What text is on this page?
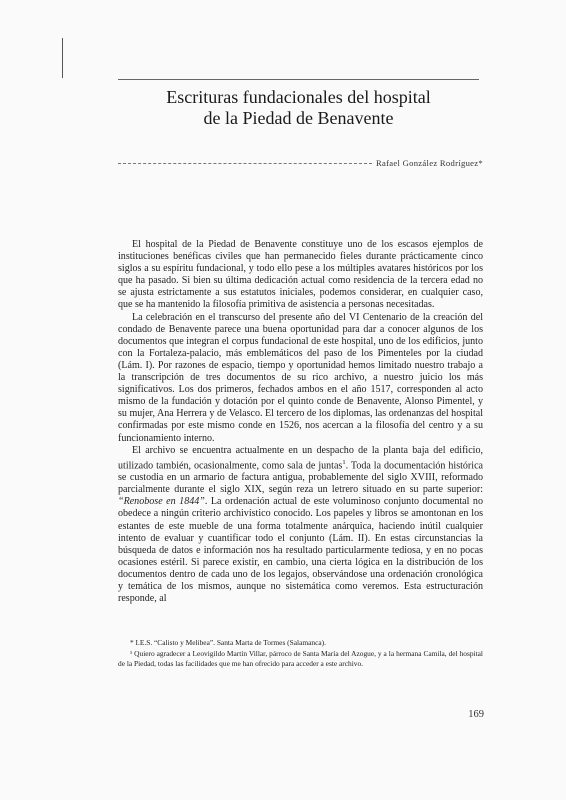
Escrituras fundacionales del hospital
de la Piedad de Benavente
Rafael González Rodríguez*

El hospital de la Piedad de Benavente constituye uno de los escasos ejemplos de instituciones benéficas civiles que han permanecido fieles durante prácticamente cinco siglos a su espíritu fundacional, y todo ello pese a los múltiples avatares históricos por los que ha pasado. Si bien su última dedicación actual como residencia de la tercera edad no se ajusta estrictamente a sus estatutos iniciales, podemos considerar, en cualquier caso, que se ha mantenido la filosofía primitiva de asistencia a personas necesitadas.

La celebración en el transcurso del presente año del VI Centenario de la creación del condado de Benavente parece una buena oportunidad para dar a conocer algunos de los documentos que integran el corpus fundacional de este hospital, uno de los edificios, junto con la Fortaleza-palacio, más emblemáticos del paso de los Pimenteles por la ciudad (Lám. I). Por razones de espacio, tiempo y oportunidad hemos limitado nuestro trabajo a la transcripción de tres documentos de su rico archivo, a nuestro juicio los más significativos. Los dos primeros, fechados ambos en el año 1517, corresponden al acto mismo de la fundación y dotación por el quinto conde de Benavente, Alonso Pimentel, y su mujer, Ana Herrera y de Velasco. El tercero de los diplomas, las ordenanzas del hospital confirmadas por este mismo conde en 1526, nos acercan a la filosofía del centro y a su funcionamiento interno.

El archivo se encuentra actualmente en un despacho de la planta baja del edificio, utilizado también, ocasionalmente, como sala de juntas$^1$. Toda la documentación histórica se custodia en un armario de factura antigua, probablemente del siglo XVIII, reformado parcialmente durante el siglo XIX, según reza un letrero situado en su parte superior: “Renobose en 1844”. La ordenación actual de este voluminoso conjunto documental no obedece a ningún criterio archivístico conocido. Los papeles y libros se amontonan en los estantes de este mueble de una forma totalmente anárquica, haciendo inútil cualquier intento de evaluar y cuantificar todo el conjunto (Lám. II). En estas circunstancias la búsqueda de datos e información nos ha resultado particularmente tediosa, y en no pocas ocasiones estéril. Si parece existir, en cambio, una cierta lógica en la distribución de los documentos dentro de cada uno de los legajos, observándose una ordenación cronológica y temática de los mismos, aunque no sistemática como veremos. Esta estructuración responde, al

* I.E.S. “Calisto y Melibea”. Santa Marta de Tormes (Salamanca).

¹ Quiero agradecer a Leovigildo Martín Villar, párroco de Santa María del Azogue, y a la hermana Camila, del hospital de la Piedad, todas las facilidades que me han ofrecido para acceder a este archivo.

169
